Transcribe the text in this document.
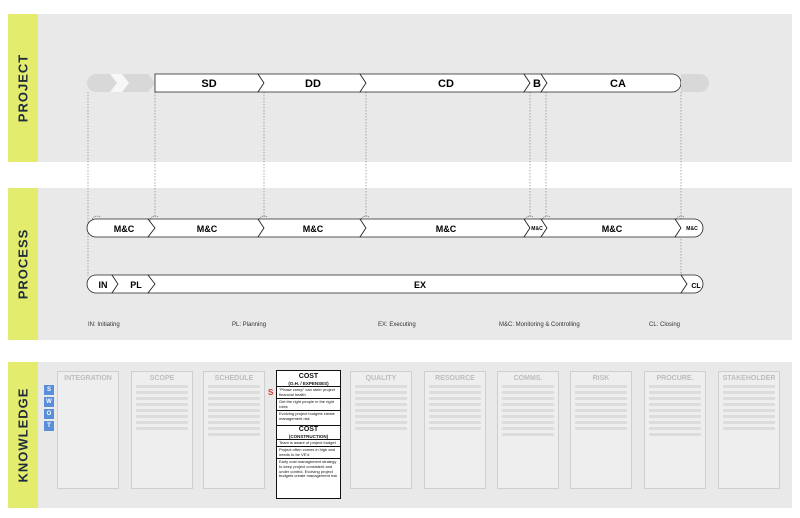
PROJECT
PROCESS
KNOWLEDGE
SD	DD	CD	B	CA
M&C	M&C	M&C	M&C	M&C	M&C	M&C
IN	PL	EX	CL
IN: Initiating	PL: Planning	EX: Executing	M&C: Monitoring & Controlling	CL: Closing
S
W
O
T
INTEGRATION	SCOPE	SCHEDULE	QUALITY	RESOURCE	COMMS.	RISK	PROCURE.	STAKEHOLDER
S
COST
(O.H. / EXPENSES)
"Phase creep" can steer project financial health
Get the right people in the right roles
Evolving project budgets create management risk
COST
(CONSTRUCTION)
Team is aware of project budget
Project often comes in high and needs to be VE'd
Early cost management strategy to keep project consistent and under control. Evolving project budgets create management risk
